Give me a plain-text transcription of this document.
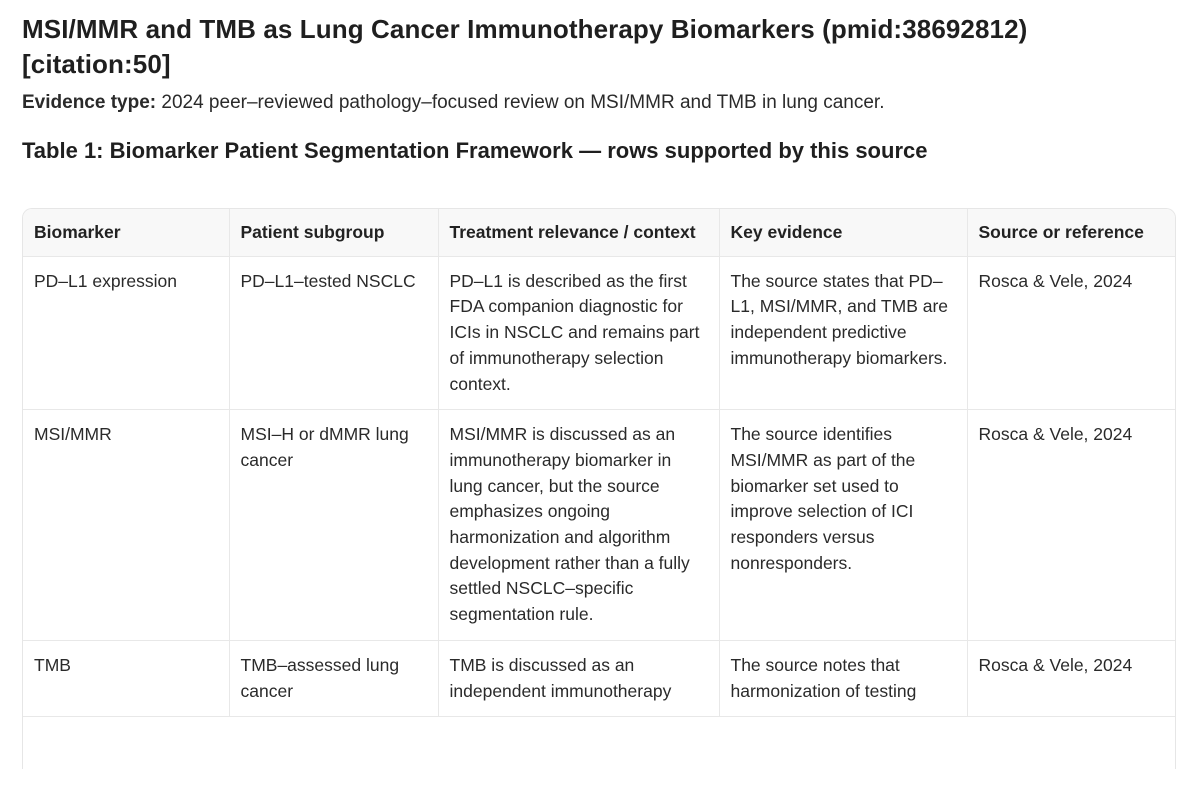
MSI/MMR and TMB as Lung Cancer Immunotherapy Biomarkers (pmid:38692812) [citation:50]

Evidence type: 2024 peer–reviewed pathology–focused review on MSI/MMR and TMB in lung cancer.

Table 1: Biomarker Patient Segmentation Framework — rows supported by this source
Biomarker	Patient subgroup	Treatment relevance / context	Key evidence	Source or reference
PD–L1 expression	PD–L1–tested NSCLC	PD–L1 is described as the first FDA companion diagnostic for ICIs in NSCLC and remains part of immunotherapy selection context.	The source states that PD–L1, MSI/MMR, and TMB are independent predictive immunotherapy biomarkers.	Rosca & Vele, 2024
MSI/MMR	MSI–H or dMMR lung cancer	MSI/MMR is discussed as an immunotherapy biomarker in lung cancer, but the source emphasizes ongoing harmonization and algorithm development rather than a fully settled NSCLC–specific segmentation rule.	The source identifies MSI/MMR as part of the biomarker set used to improve selection of ICI responders versus nonresponders.	Rosca & Vele, 2024
TMB	TMB–assessed lung cancer	TMB is discussed as an independent immunotherapy	The source notes that harmonization of testing	Rosca & Vele, 2024
